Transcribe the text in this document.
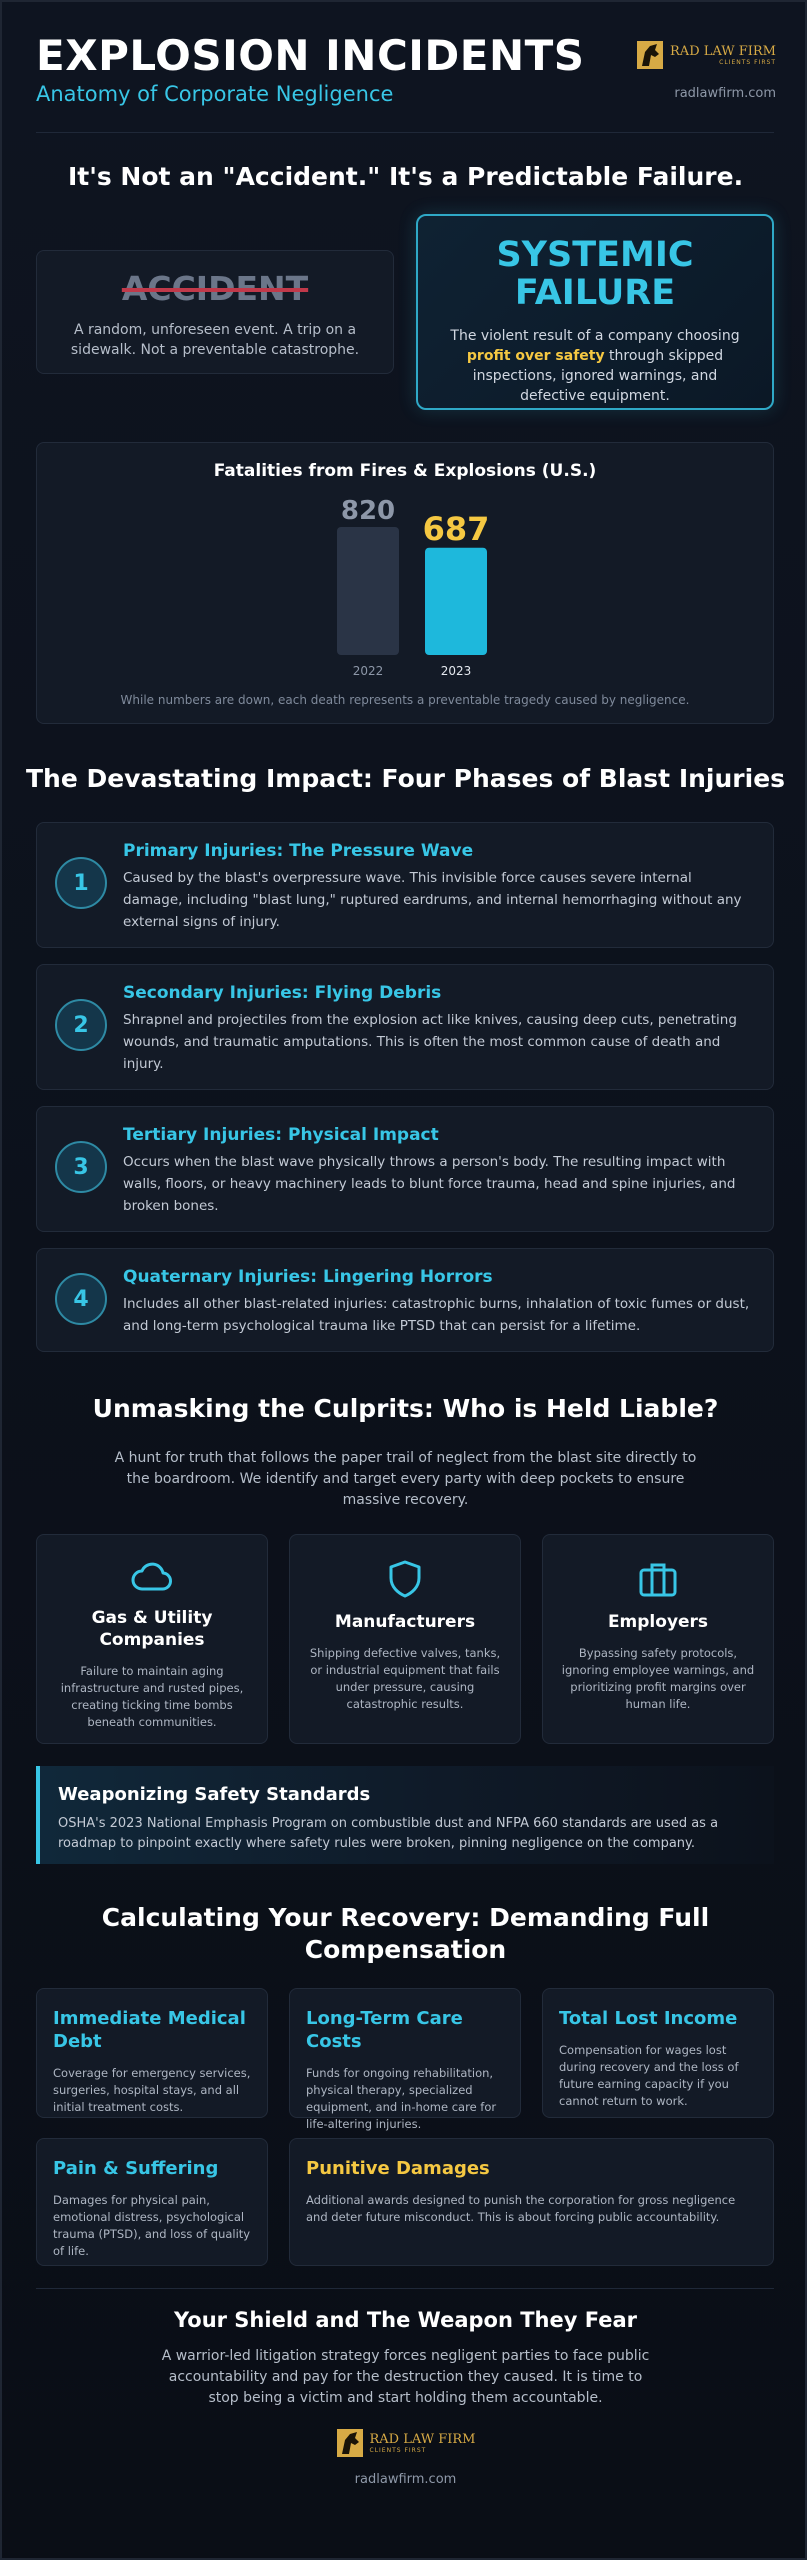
EXPLOSION INCIDENTS
Anatomy of Corporate Negligence
RAD LAW FIRM
CLIENTS FIRST
radlawfirm.com
It's Not an "Accident." It's a Predictable Failure.
ACCIDENT
A random, unforeseen event. A trip on a sidewalk. Not a preventable catastrophe.
SYSTEMIC
FAILURE
The violent result of a company choosing profit over safety through skipped inspections, ignored warnings, and defective equipment.
Fatalities from Fires & Explosions (U.S.)
820
2022
687
2023
While numbers are down, each death represents a preventable tragedy caused by negligence.
The Devastating Impact: Four Phases of Blast Injuries
1
Primary Injuries: The Pressure Wave
Caused by the blast's overpressure wave. This invisible force causes severe internal damage, including "blast lung," ruptured eardrums, and internal hemorrhaging without any external signs of injury.
2
Secondary Injuries: Flying Debris
Shrapnel and projectiles from the explosion act like knives, causing deep cuts, penetrating wounds, and traumatic amputations. This is often the most common cause of death and injury.
3
Tertiary Injuries: Physical Impact
Occurs when the blast wave physically throws a person's body. The resulting impact with walls, floors, or heavy machinery leads to blunt force trauma, head and spine injuries, and broken bones.
4
Quaternary Injuries: Lingering Horrors
Includes all other blast-related injuries: catastrophic burns, inhalation of toxic fumes or dust, and long-term psychological trauma like PTSD that can persist for a lifetime.
Unmasking the Culprits: Who is Held Liable?
A hunt for truth that follows the paper trail of neglect from the blast site directly to the boardroom. We identify and target every party with deep pockets to ensure massive recovery.
Gas & Utility Companies
Failure to maintain aging infrastructure and rusted pipes, creating ticking time bombs beneath communities.
Manufacturers
Shipping defective valves, tanks, or industrial equipment that fails under pressure, causing catastrophic results.
Employers
Bypassing safety protocols, ignoring employee warnings, and prioritizing profit margins over human life.
Weaponizing Safety Standards
OSHA's 2023 National Emphasis Program on combustible dust and NFPA 660 standards are used as a roadmap to pinpoint exactly where safety rules were broken, pinning negligence on the company.
Calculating Your Recovery: Demanding Full
Compensation
Immediate Medical Debt
Coverage for emergency services, surgeries, hospital stays, and all initial treatment costs.
Long-Term Care Costs
Funds for ongoing rehabilitation, physical therapy, specialized equipment, and in-home care for life-altering injuries.
Total Lost Income
Compensation for wages lost during recovery and the loss of future earning capacity if you cannot return to work.
Pain & Suffering
Damages for physical pain, emotional distress, psychological trauma (PTSD), and loss of quality of life.
Punitive Damages
Additional awards designed to punish the corporation for gross negligence and deter future misconduct. This is about forcing public accountability.
Your Shield and The Weapon They Fear
A warrior-led litigation strategy forces negligent parties to face public accountability and pay for the destruction they caused. It is time to stop being a victim and start holding them accountable.
RAD LAW FIRM
CLIENTS FIRST
radlawfirm.com
